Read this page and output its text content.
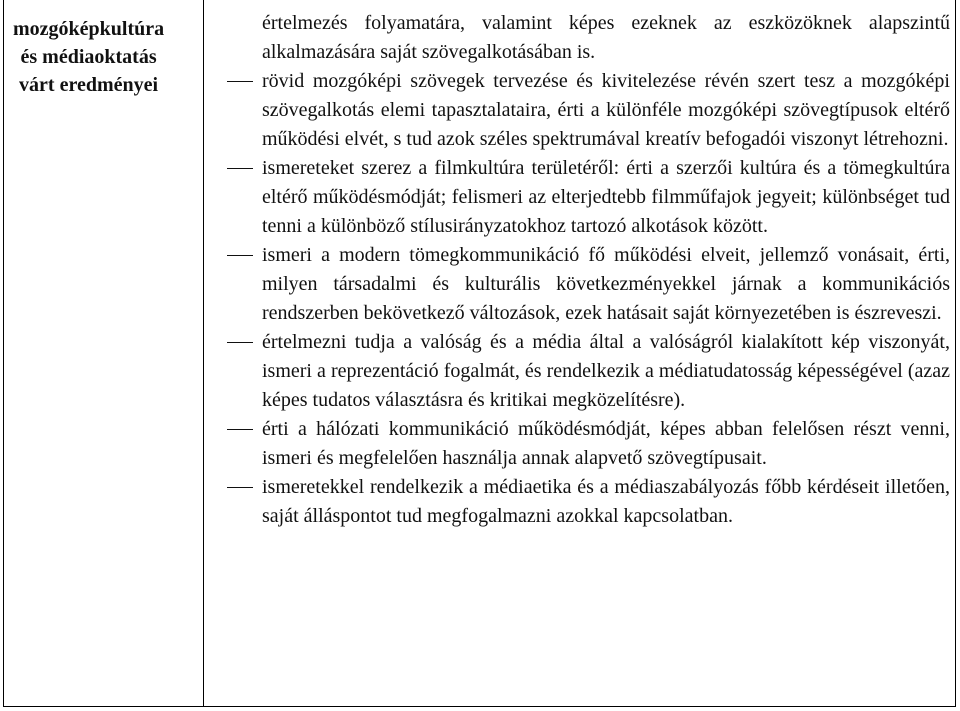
mozgóképkultúra
és médiaoktatás
várt eredményei

értelmezés folyamatára, valamint képes ezeknek az eszközöknek alapszintű alkalmazására saját szövegalkotásában is.

rövid mozgóképi szövegek tervezése és kivitelezése révén szert tesz a mozgóképi szövegalkotás elemi tapasztalataira, érti a különféle mozgóképi szövegtípusok eltérő működési elvét, s tud azok széles spektrumával kreatív befogadói viszonyt létrehozni.
ismereteket szerez a filmkultúra területéről: érti a szerzői kultúra és a tömegkultúra eltérő működésmódját; felismeri az elterjedtebb filmműfajok jegyeit; különbséget tud tenni a különböző stílusirányzatokhoz tartozó alkotások között.
ismeri a modern tömegkommunikáció fő működési elveit, jellemző vonásait, érti, milyen társadalmi és kulturális következményekkel járnak a kommunikációs rendszerben bekövetkező változások, ezek hatásait saját környezetében is észreveszi.
értelmezni tudja a valóság és a média által a valóságról kialakított kép viszonyát, ismeri a reprezentáció fogalmát, és rendelkezik a médiatudatosság képességével (azaz képes tudatos választásra és kritikai megközelítésre).
érti a hálózati kommunikáció működésmódját, képes abban felelősen részt venni, ismeri és megfelelően használja annak alapvető szövegtípusait.
ismeretekkel rendelkezik a médiaetika és a médiaszabályozás főbb kérdéseit illetően, saját álláspontot tud megfogalmazni azokkal kapcsolatban.
